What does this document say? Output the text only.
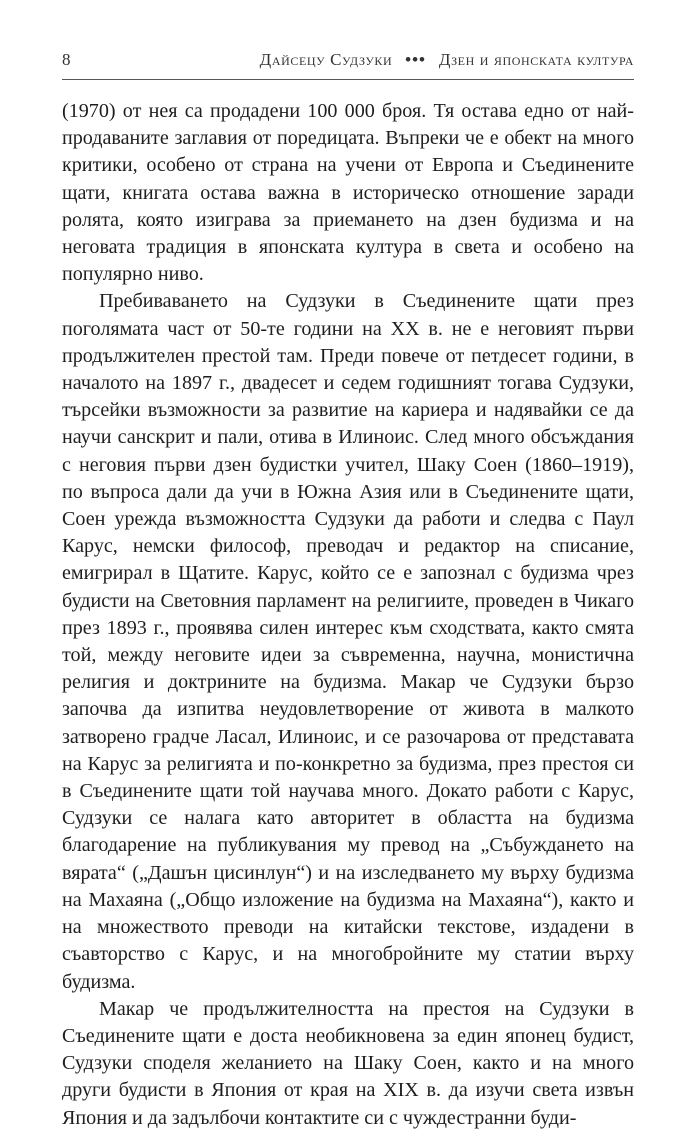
8	Дайсецу Судзуки ••• Дзен и японската култура

(1970) от нея са продадени 100 000 броя. Тя остава едно от най-продаваните заглавия от поредицата. Въпреки че е обект на много критики, особено от страна на учени от Европа и Съединените щати, книгата остава важна в историческо отношение заради ролята, която изиграва за приемането на дзен будизма и на неговата традиция в японската култура в света и особено на популярно ниво.

Пребиваването на Судзуки в Съединените щати през поголямата част от 50-те години на XX в. не е неговият първи продължителен престой там. Преди повече от петдесет години, в началото на 1897 г., двадесет и седем годишният тогава Судзуки, търсейки възможности за развитие на кариера и надявайки се да научи санскрит и пали, отива в Илиноис. След много обсъждания с неговия първи дзен будистки учител, Шаку Соен (1860–1919), по въпроса дали да учи в Южна Азия или в Съединените щати, Соен урежда възможността Судзуки да работи и следва с Паул Карус, немски философ, преводач и редактор на списание, емигрирал в Щатите. Карус, който се е запознал с будизма чрез будисти на Световния парламент на религиите, проведен в Чикаго през 1893 г., проявява силен интерес към сходствата, както смята той, между неговите идеи за съвременна, научна, монистична религия и доктрините на будизма. Макар че Судзуки бързо започва да изпитва неудовлетворение от живота в малкото затворено градче Ласал, Илиноис, и се разочарова от представата на Карус за религията и по-конкретно за будизма, през престоя си в Съединените щати той научава много. Докато работи с Карус, Судзуки се налага като авторитет в областта на будизма благодарение на публикувания му превод на „Събуждането на вярата“ („Дашън цисинлун“) и на изследването му върху будизма на Махаяна („Общо изложение на будизма на Махаяна“), както и на множеството преводи на китайски текстове, издадени в съавторство с Карус, и на многобройните му статии върху будизма.

Макар че продължителността на престоя на Судзуки в Съединените щати е доста необикновена за един японец будист, Судзуки споделя желанието на Шаку Соен, както и на много други будисти в Япония от края на XIX в. да изучи света извън Япония и да задълбочи контактите си с чуждестранни буди-
